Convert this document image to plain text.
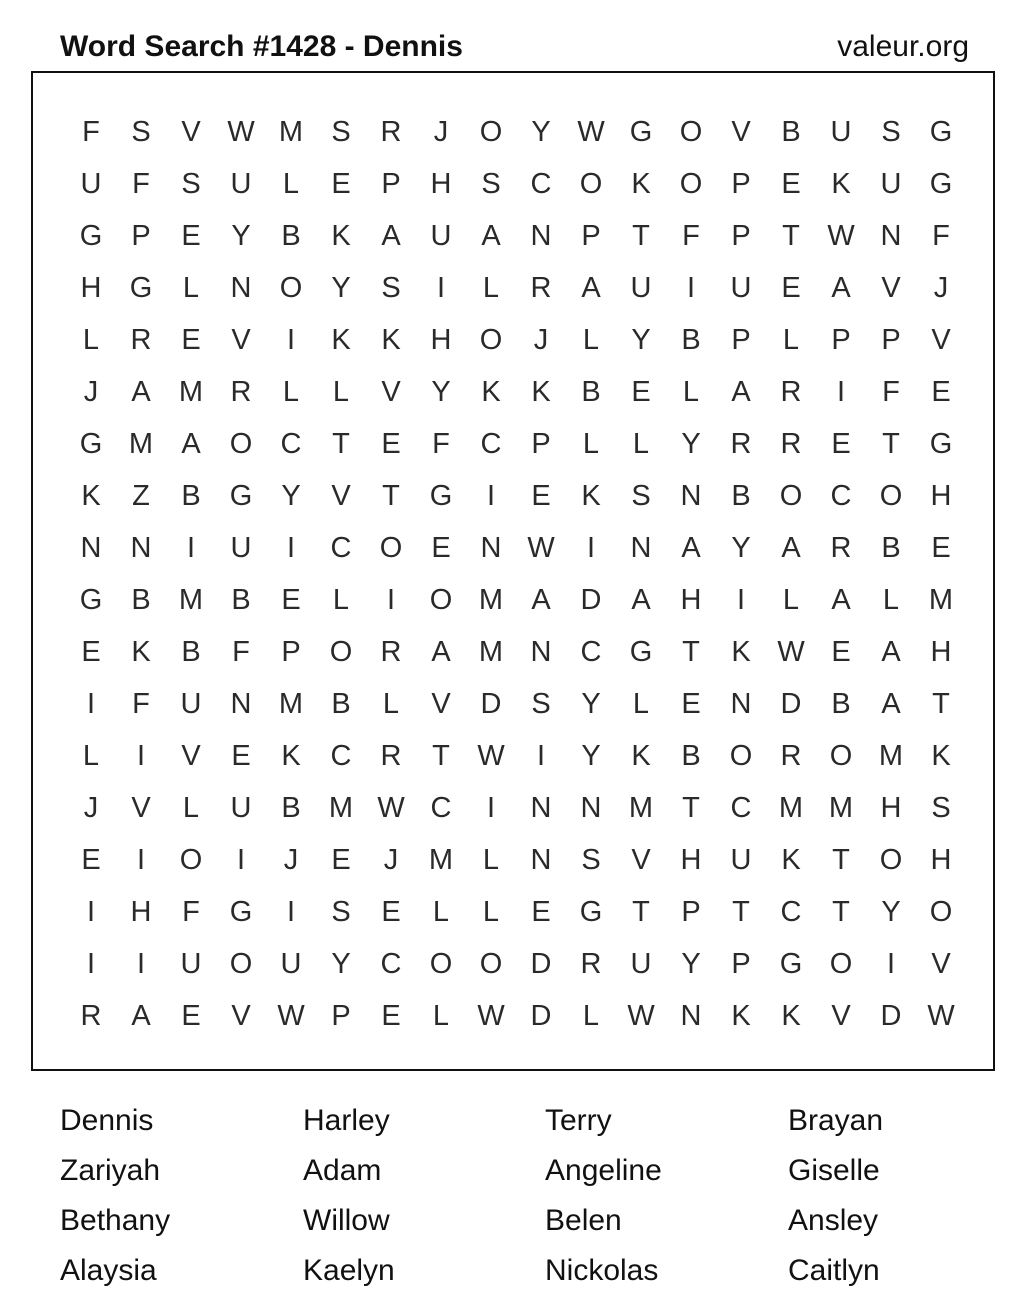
Word Search #1428 - Dennis	valeur.org
F	S	V W M S	R	J	O	Y W G O	V	B	U	S	G
U	F	S	U	L	E	P	H	S	C O	K	O	P	E	K	U G
G	P	E	Y	B	K	A	U	A	N	P	T	F	P	T W N	F
H G	L	N O	Y	S	I	L	R	A	U	I	U	E	A	V	J
L	R	E	V	I	K	K	H O	J	L	Y	B	P	L	P	P	V
J	A M R	L	L	V	Y	K	K	B	E	L	A	R	I	F	E
G M A	O C	T	E	F	C	P	L	L	Y	R	R	E	T	G
K	Z	B	G	Y	V	T	G	I	E	K	S	N	B	O C O H
N	N	I	U	I	C O	E	N W	I	N	A	Y	A	R	B	E
G	B M B	E	L	I	O M A	D	A	H	I	L	A	L	M
E	K	B	F	P	O R	A M N	C G	T	K W E	A	H
I	F	U	N M B	L	V	D	S	Y	L	E	N	D	B	A	T
L	I	V	E	K	C	R	T W	I	Y	K	B	O R O M K
J	V	L	U	B M W C	I	N	N M	T	C M M H	S
E	I	O	I	J	E	J	M	L	N	S	V	H	U	K	T	O H
I	H	F	G	I	S	E	L	L	E	G	T	P	T	C	T	Y	O
I	I	U O U	Y	C O O D	R	U	Y	P	G O	I	V
R	A	E	V W P	E	L W D	L W N	K	K	V	D W
Dennis
Zariyah
Bethany
Alaysia
Harley
Adam
Willow
Kaelyn
Terry
Angeline
Belen
Nickolas
Brayan
Giselle
Ansley
Caitlyn
